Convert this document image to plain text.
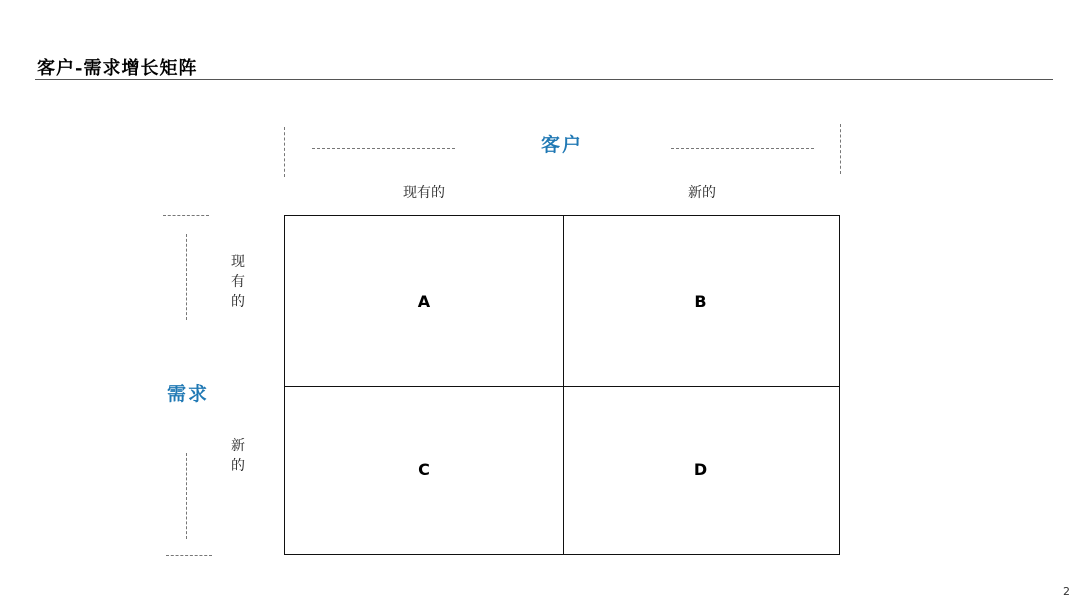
客户-需求增长矩阵
客户
现有的	新的
需求
现有的
新的
A	B
C	D
2
